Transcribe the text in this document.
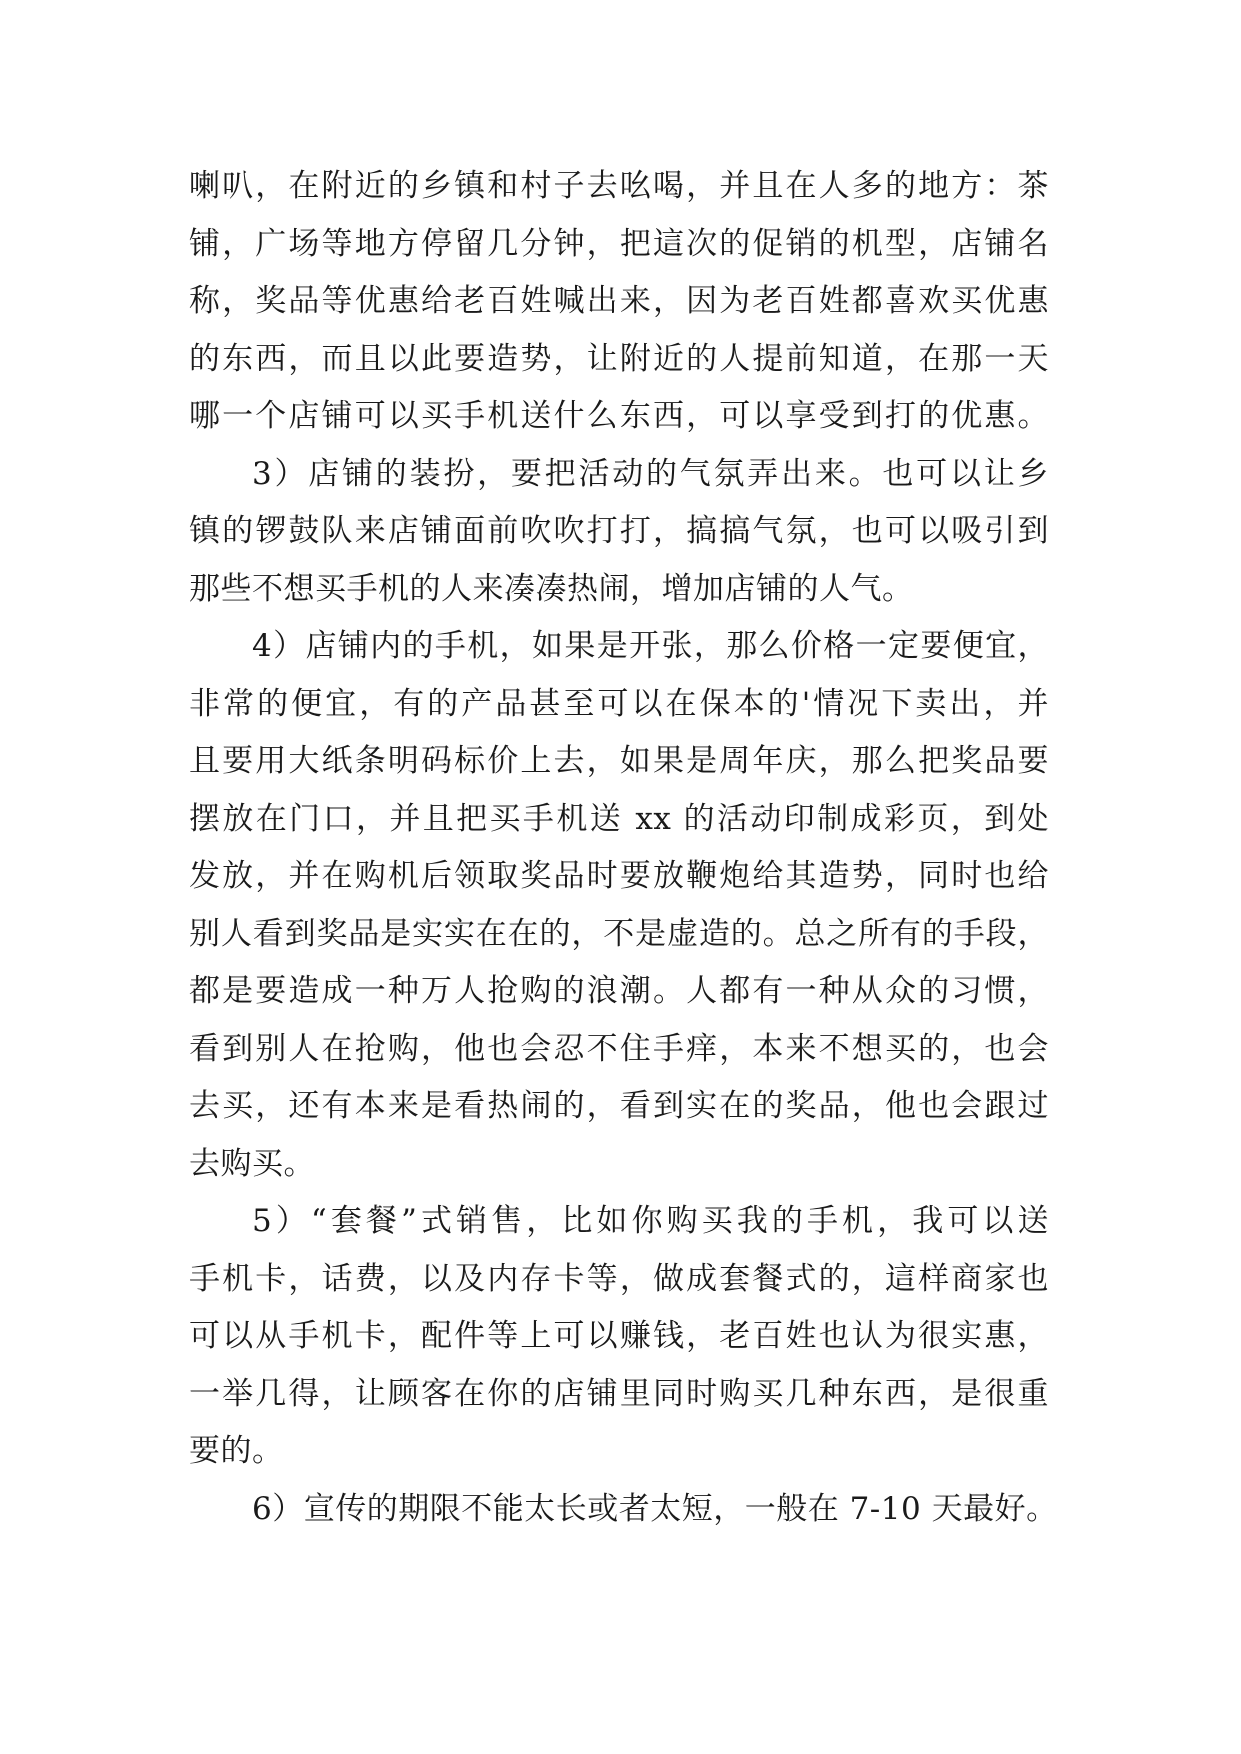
喇叭，在附近的乡镇和村子去吆喝，并且在人多的地方：茶
铺，广场等地方停留几分钟，把這次的促销的机型，店铺名
称，奖品等优惠给老百姓喊出来，因为老百姓都喜欢买优惠
的东西，而且以此要造势，让附近的人提前知道，在那一天
哪一个店铺可以买手机送什么东西，可以享受到打的优惠。
3）店铺的装扮，要把活动的气氛弄出来。也可以让乡
镇的锣鼓队来店铺面前吹吹打打，搞搞气氛，也可以吸引到
那些不想买手机的人来凑凑热闹，增加店铺的人气。
4）店铺内的手机，如果是开张，那么价格一定要便宜，
非常的便宜，有的产品甚至可以在保本的'情况下卖出，并
且要用大纸条明码标价上去，如果是周年庆，那么把奖品要
摆放在门口，并且把买手机送 xx 的活动印制成彩页，到处
发放，并在购机后领取奖品时要放鞭炮给其造势，同时也给
别人看到奖品是实实在在的，不是虚造的。总之所有的手段，
都是要造成一种万人抢购的浪潮。人都有一种从众的习惯，
看到别人在抢购，他也会忍不住手痒，本来不想买的，也会
去买，还有本来是看热闹的，看到实在的奖品，他也会跟过
去购买。
5）“套餐”式销售，比如你购买我的手机，我可以送
手机卡，话费，以及内存卡等，做成套餐式的，這样商家也
可以从手机卡，配件等上可以赚钱，老百姓也认为很实惠，
一举几得，让顾客在你的店铺里同时购买几种东西，是很重
要的。
6）宣传的期限不能太长或者太短，一般在 7-10 天最好。
